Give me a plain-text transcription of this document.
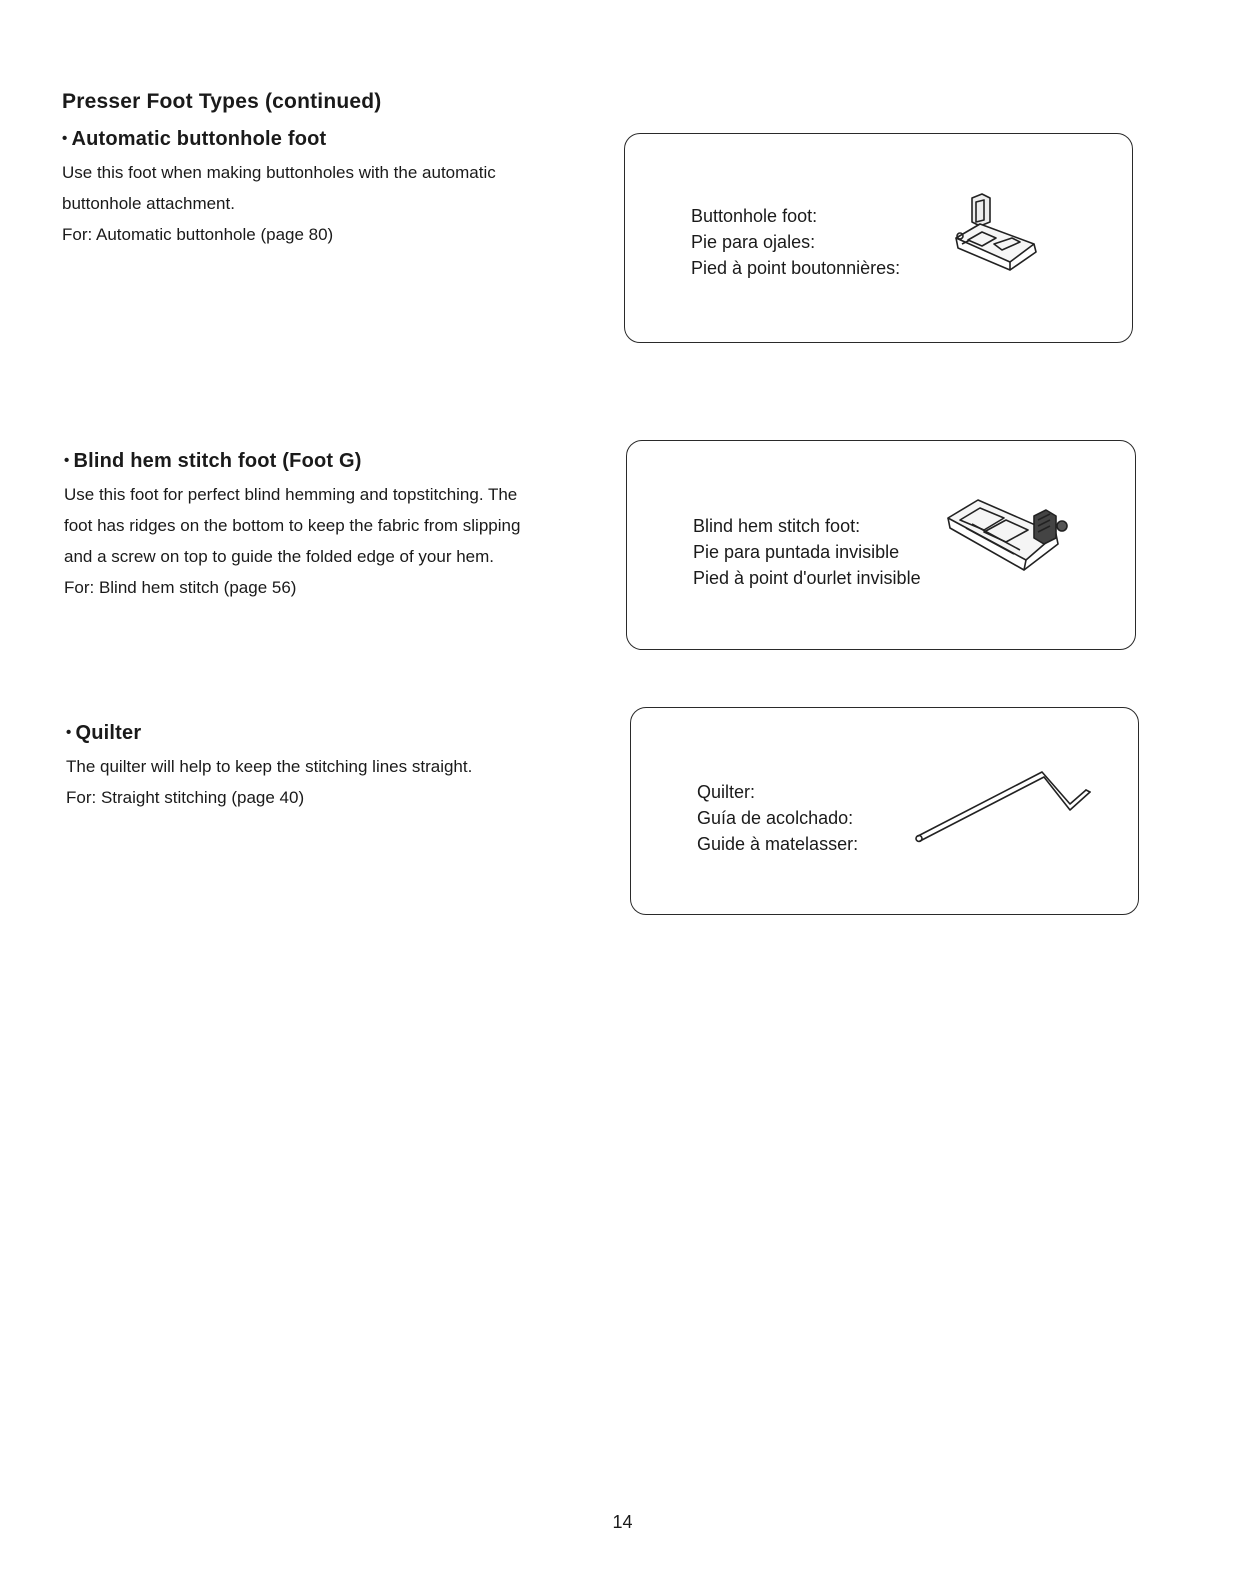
Presser Foot Types (continued)
• Automatic buttonhole foot

Use this foot when making buttonholes with the automatic
buttonhole attachment.

For: Automatic buttonhole (page 80)

Buttonhole foot:
Pie para ojales:
Pied à point boutonnières:
• Blind hem stitch foot (Foot G)

Use this foot for perfect blind hemming and topstitching. The
foot has ridges on the bottom to keep the fabric from slipping
and a screw on top to guide the folded edge of your hem.

For: Blind hem stitch (page 56)

Blind hem stitch foot:
Pie para puntada invisible
Pied à point d'ourlet invisible
• Quilter

The quilter will help to keep the stitching lines straight.

For: Straight stitching (page 40)	Quilter:
Guía de acolchado:
Guide à matelasser:
14
